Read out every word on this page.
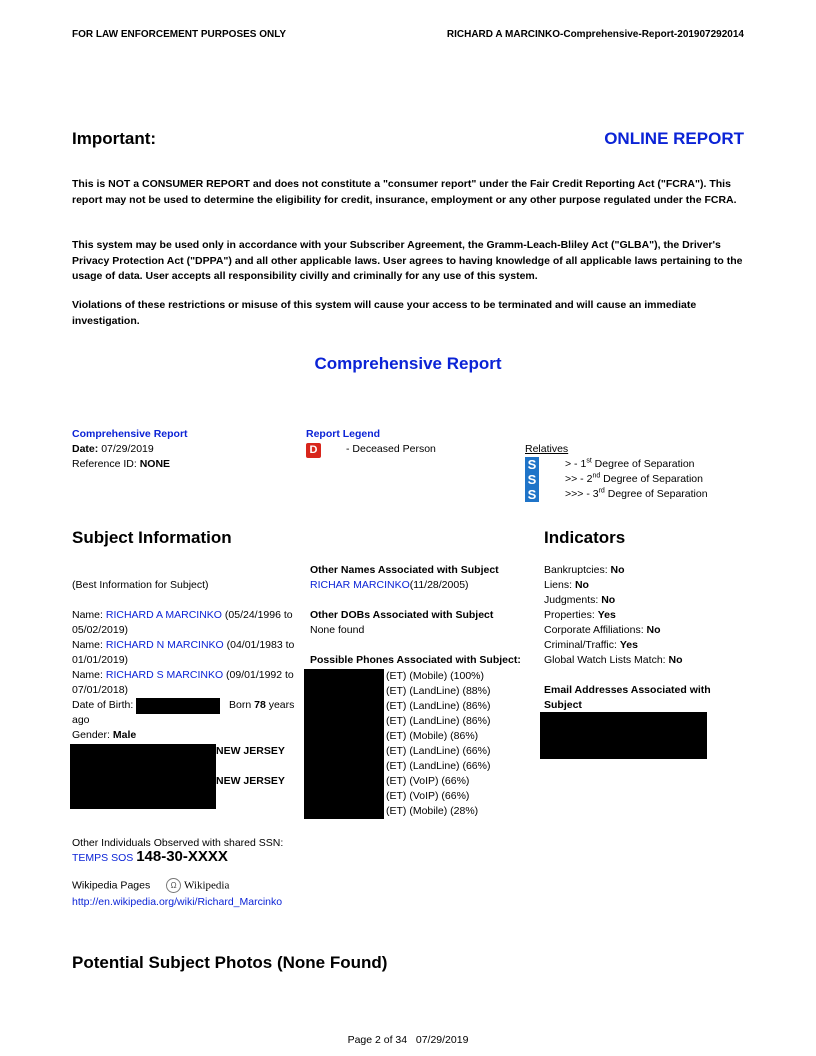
FOR LAW ENFORCEMENT PURPOSES ONLY	RICHARD A MARCINKO-Comprehensive-Report-201907292014
Important:	ONLINE REPORT
This is NOT a CONSUMER REPORT and does not constitute a "consumer report" under the Fair Credit Reporting Act ("FCRA"). This report may not be used to determine the eligibility for credit, insurance, employment or any other purpose regulated under the FCRA.
This system may be used only in accordance with your Subscriber Agreement, the Gramm-Leach-Bliley Act ("GLBA"), the Driver's Privacy Protection Act ("DPPA") and all other applicable laws. User agrees to having knowledge of all applicable laws pertaining to the usage of data. User accepts all responsibility civilly and criminally for any use of this system.
Violations of these restrictions or misuse of this system will cause your access to be terminated and will cause an immediate investigation.
Comprehensive Report
Comprehensive Report
Date: 07/29/2019
Reference ID: NONE
Report Legend
D	- Deceased Person	Relatives
S	> - 1st Degree of Separation
S	>> - 2nd Degree of Separation
S	>>> - 3rd Degree of Separation
Subject Information	Indicators
(Best Information for Subject)
Name: RICHARD A MARCINKO (05/24/1996 to
05/02/2019)
Name: RICHARD N MARCINKO (04/01/1983 to
01/01/2019)
Name: RICHARD S MARCINKO (09/01/1992 to
07/01/2018)
Date of Birth:	Born 78 years
ago
Gender: Male
NEW JERSEY
NEW JERSEY
Other Individuals Observed with shared SSN:
TEMPS SOS 148-30-XXXX
Wikipedia Pages	Ω Wikipedia
http://en.wikipedia.org/wiki/Richard_Marcinko
Other Names Associated with Subject
RICHAR MARCINKO(11/28/2005)
Other DOBs Associated with Subject
None found
Possible Phones Associated with Subject:
(ET) (Mobile) (100%)
(ET) (LandLine) (88%)
(ET) (LandLine) (86%)
(ET) (LandLine) (86%)
(ET) (Mobile) (86%)
(ET) (LandLine) (66%)
(ET) (LandLine) (66%)
(ET) (VoIP) (66%)
(ET) (VoIP) (66%)
(ET) (Mobile) (28%)
Bankruptcies: No
Liens: No
Judgments: No
Properties: Yes
Corporate Affiliations: No
Criminal/Traffic: Yes
Global Watch Lists Match: No
Email Addresses Associated with
Subject
Potential Subject Photos (None Found)
Page 2 of 34   07/29/2019
